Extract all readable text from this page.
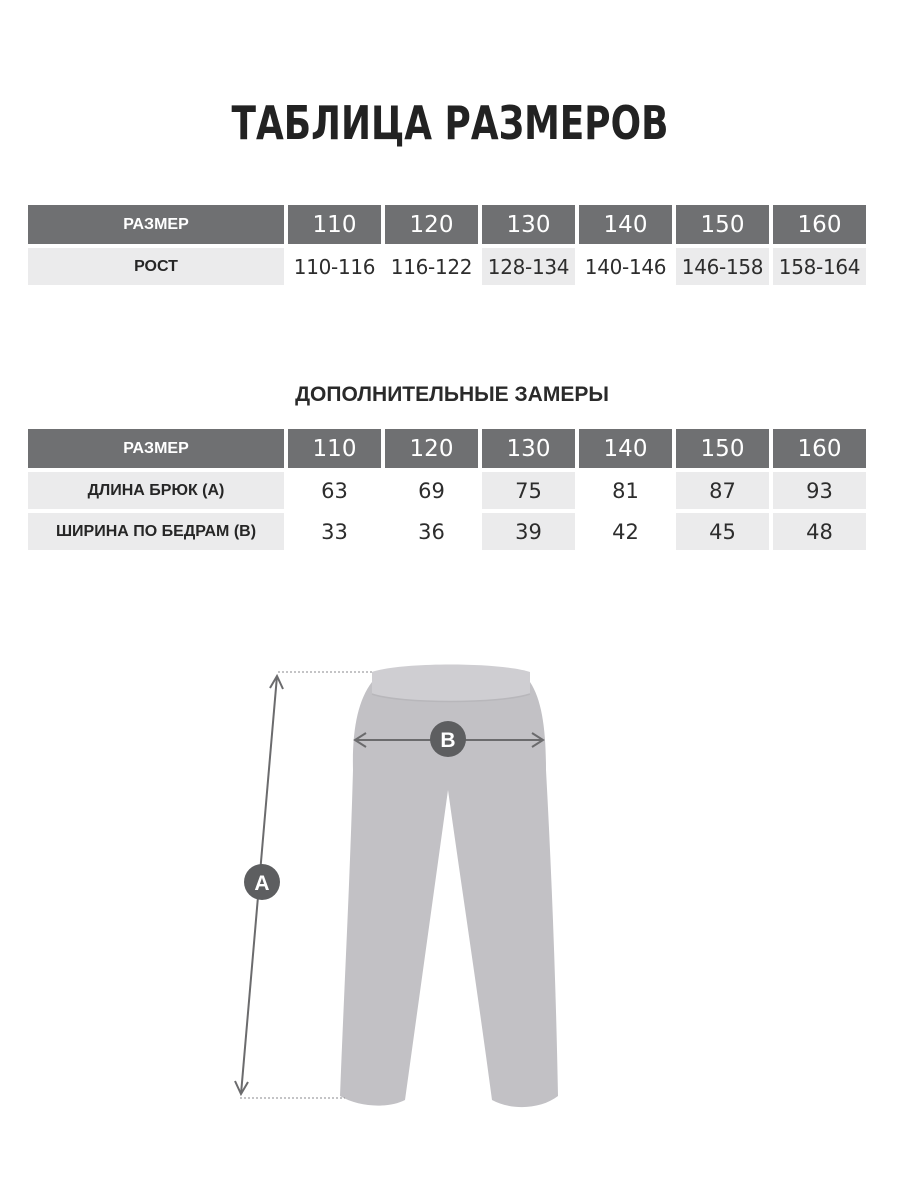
ТАБЛИЦА РАЗМЕРОВ
РАЗМЕР	110	120	130	140	150	160
РОСТ	110-116	116-122	128-134	140-146	146-158	158-164
ДОПОЛНИТЕЛЬНЫЕ ЗАМЕРЫ
РАЗМЕР	110	120	130	140	150	160
ДЛИНА БРЮК (А)	63	69	75	81	87	93
ШИРИНА ПО БЕДРАМ (В)	33	36	39	42	45	48
A
B
